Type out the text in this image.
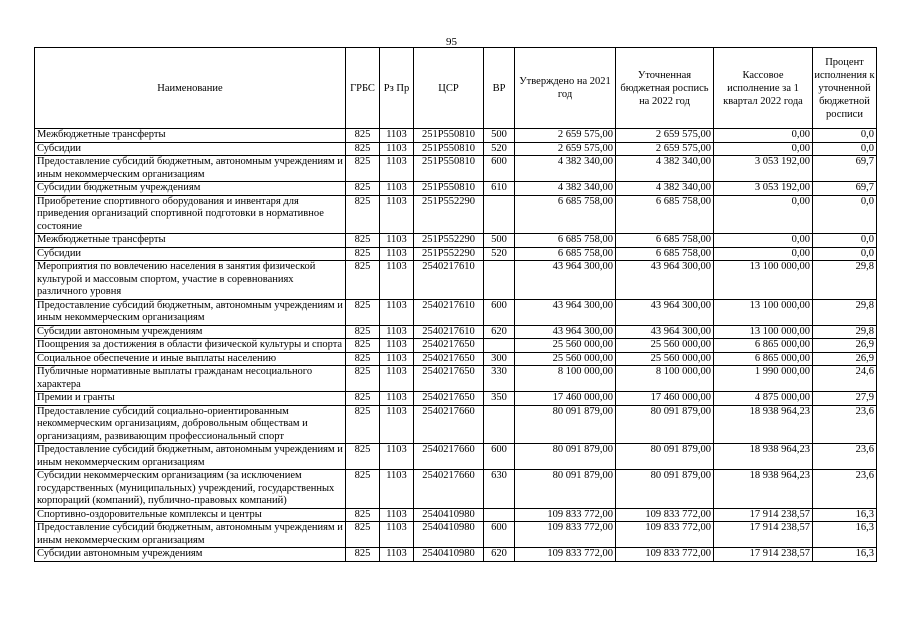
95
Наименование	ГРБС	Рз Пр	ЦСР	ВР	Утверждено на 2021 год	Уточненная бюджетная роспись на 2022 год	Кассовое исполнение за 1 квартал 2022 года	Процент исполнения к уточненной бюджетной росписи
Межбюджетные трансферты	825	1103	251P550810	500	2 659 575,00	2 659 575,00	0,00	0,0
Субсидии	825	1103	251P550810	520	2 659 575,00	2 659 575,00	0,00	0,0
Предоставление субсидий бюджетным, автономным учреждениям и иным некоммерческим организациям	825	1103	251P550810	600	4 382 340,00	4 382 340,00	3 053 192,00	69,7
Субсидии бюджетным учреждениям	825	1103	251P550810	610	4 382 340,00	4 382 340,00	3 053 192,00	69,7
Приобретение спортивного оборудования и инвентаря для приведения организаций спортивной подготовки в нормативное состояние	825	1103	251P552290		6 685 758,00	6 685 758,00	0,00	0,0
Межбюджетные трансферты	825	1103	251P552290	500	6 685 758,00	6 685 758,00	0,00	0,0
Субсидии	825	1103	251P552290	520	6 685 758,00	6 685 758,00	0,00	0,0
Мероприятия по вовлечению населения в занятия физической культурой и массовым спортом, участие в соревнованиях различного уровня	825	1103	2540217610		43 964 300,00	43 964 300,00	13 100 000,00	29,8
Предоставление субсидий бюджетным, автономным учреждениям и иным некоммерческим организациям	825	1103	2540217610	600	43 964 300,00	43 964 300,00	13 100 000,00	29,8
Субсидии автономным учреждениям	825	1103	2540217610	620	43 964 300,00	43 964 300,00	13 100 000,00	29,8
Поощрения за достижения в области физической культуры и спорта	825	1103	2540217650		25 560 000,00	25 560 000,00	6 865 000,00	26,9
Социальное обеспечение и иные выплаты населению	825	1103	2540217650	300	25 560 000,00	25 560 000,00	6 865 000,00	26,9
Публичные нормативные выплаты гражданам несоциального характера	825	1103	2540217650	330	8 100 000,00	8 100 000,00	1 990 000,00	24,6
Премии и гранты	825	1103	2540217650	350	17 460 000,00	17 460 000,00	4 875 000,00	27,9
Предоставление субсидий социально-ориентированным некоммерческим организациям, добровольным обществам и организациям, развивающим профессиональный спорт	825	1103	2540217660		80 091 879,00	80 091 879,00	18 938 964,23	23,6
Предоставление субсидий бюджетным, автономным учреждениям и иным некоммерческим организациям	825	1103	2540217660	600	80 091 879,00	80 091 879,00	18 938 964,23	23,6
Субсидии некоммерческим организациям (за исключением государственных (муниципальных) учреждений, государственных корпораций (компаний), публично-правовых компаний)	825	1103	2540217660	630	80 091 879,00	80 091 879,00	18 938 964,23	23,6
Спортивно-оздоровительные комплексы и центры	825	1103	2540410980		109 833 772,00	109 833 772,00	17 914 238,57	16,3
Предоставление субсидий бюджетным, автономным учреждениям и иным некоммерческим организациям	825	1103	2540410980	600	109 833 772,00	109 833 772,00	17 914 238,57	16,3
Субсидии автономным учреждениям	825	1103	2540410980	620	109 833 772,00	109 833 772,00	17 914 238,57	16,3
